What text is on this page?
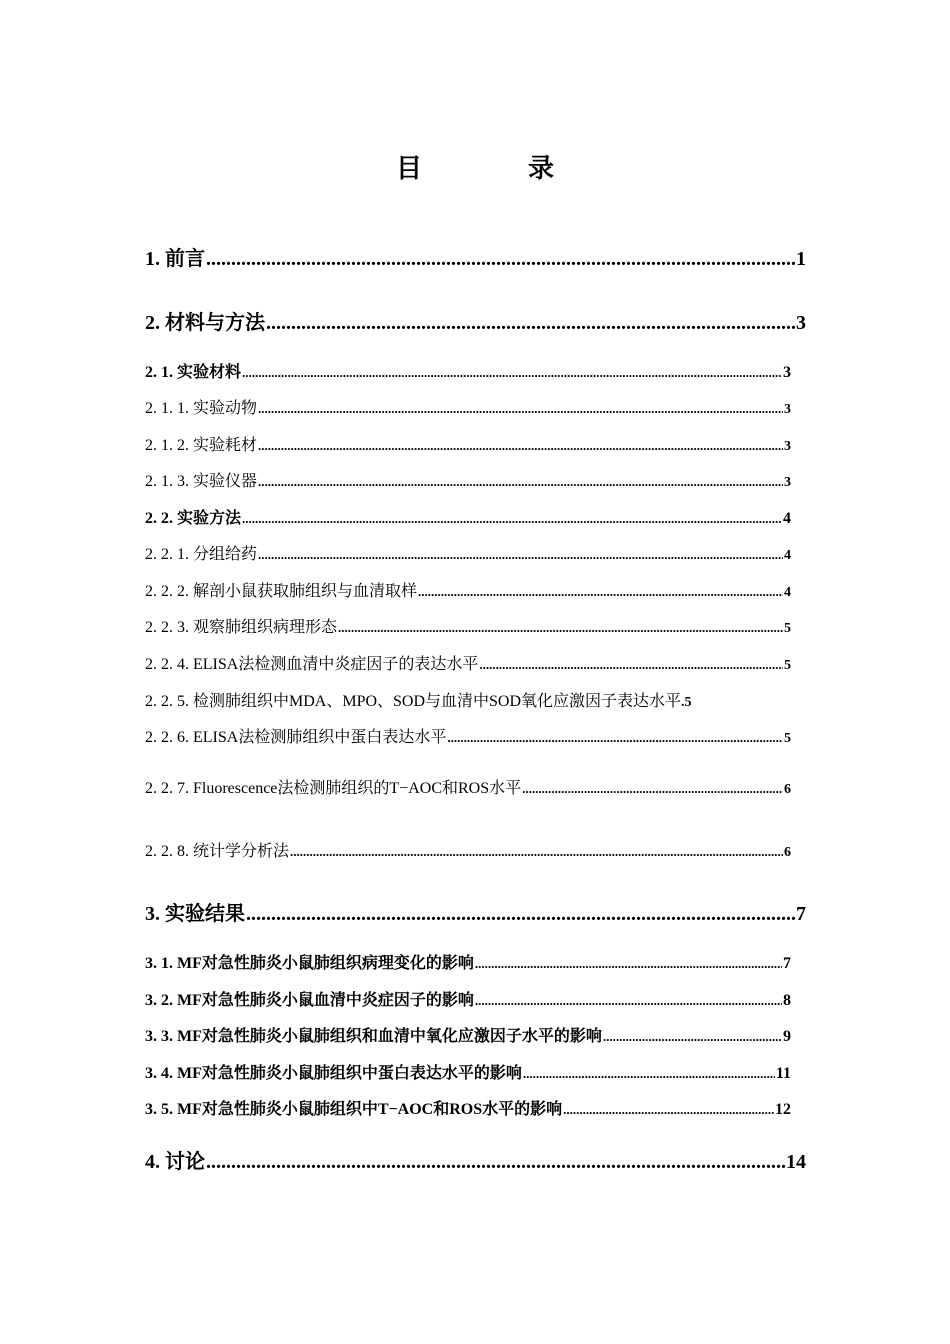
目　录
1. 前言 .....	1
2. 材料与方法 .....	3
2. 1. 实验材料 .....	3
2. 1. 1. 实验动物 .....	3
2. 1. 2. 实验耗材 .....	3
2. 1. 3. 实验仪器 .....	3
2. 2. 实验方法 .....	4
2. 2. 1. 分组给药 .....	4
2. 2. 2. 解剖小鼠获取肺组织与血清取样 .....	4
2. 2. 3. 观察肺组织病理形态 .....	5
2. 2. 4. ELISA法检测血清中炎症因子的表达水平 .....	5
2. 2. 5. 检测肺组织中MDA、MPO、SOD与血清中SOD氧化应激因子表达水平 .5
2. 2. 6. ELISA法检测肺组织中蛋白表达水平 .....	5
2. 2. 7. Fluorescence法检测肺组织的T−AOC和ROS水平 .....	6
2. 2. 8. 统计学分析法 .....	6
3. 实验结果 .....	7
3. 1. MF对急性肺炎小鼠肺组织病理变化的影响 .....	7
3. 2. MF对急性肺炎小鼠血清中炎症因子的影响 .....	8
3. 3. MF对急性肺炎小鼠肺组织和血清中氧化应激因子水平的影响 .....	9
3. 4. MF对急性肺炎小鼠肺组织中蛋白表达水平的影响 .....	11
3. 5. MF对急性肺炎小鼠肺组织中T−AOC和ROS水平的影响 .....	12
4. 讨论 .....	14
